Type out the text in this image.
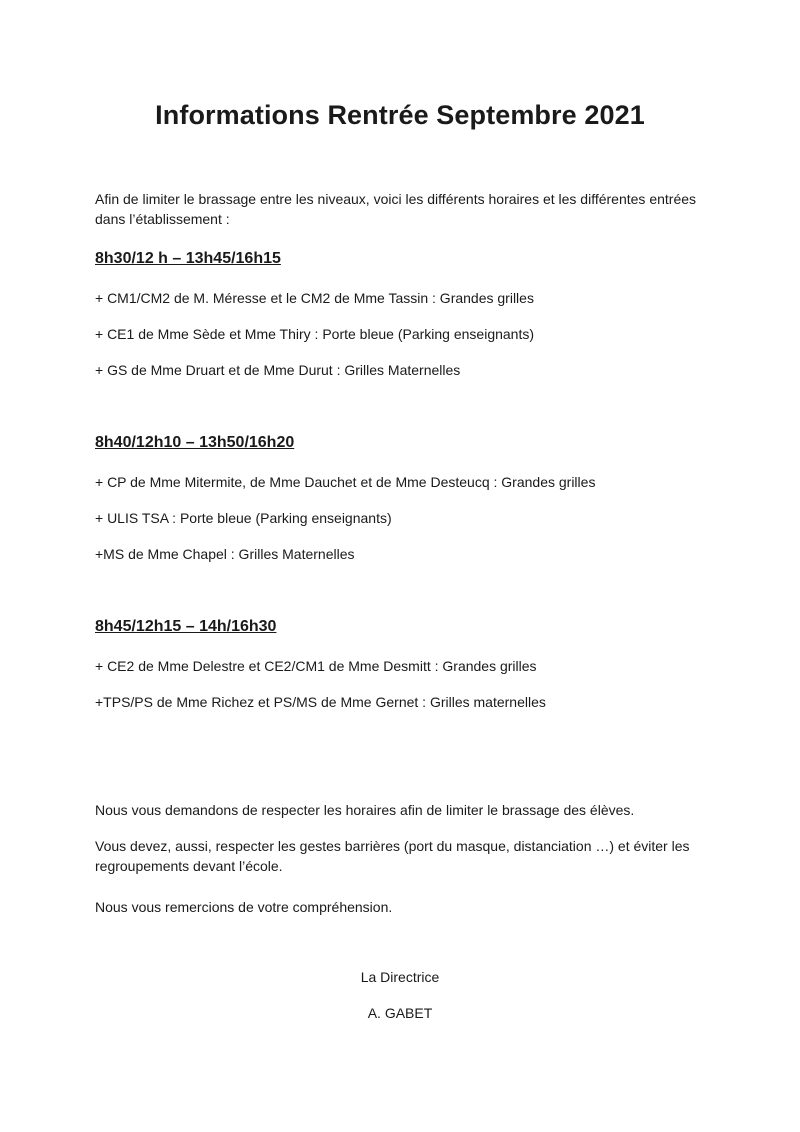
Informations Rentrée Septembre 2021

Afin de limiter le brassage entre les niveaux, voici les différents horaires et les différentes entrées dans l’établissement :

8h30/12 h – 13h45/16h15

+ CM1/CM2 de M. Méresse et le CM2 de Mme Tassin : Grandes grilles

+ CE1 de Mme Sède et Mme Thiry : Porte bleue (Parking enseignants)

+ GS de Mme Druart et de Mme Durut : Grilles Maternelles

8h40/12h10 – 13h50/16h20

+ CP de Mme Mitermite, de Mme Dauchet et de Mme Desteucq : Grandes grilles

+ ULIS TSA : Porte bleue (Parking enseignants)

+MS de Mme Chapel : Grilles Maternelles

8h45/12h15 – 14h/16h30

+ CE2 de Mme Delestre et CE2/CM1 de Mme Desmitt : Grandes grilles

+TPS/PS de Mme Richez et PS/MS de Mme Gernet : Grilles maternelles

Nous vous demandons de respecter les horaires afin de limiter le brassage des élèves.

Vous devez, aussi, respecter les gestes barrières (port du masque, distanciation …) et éviter les regroupements devant l’école.

Nous vous remercions de votre compréhension.

La Directrice

A. GABET
